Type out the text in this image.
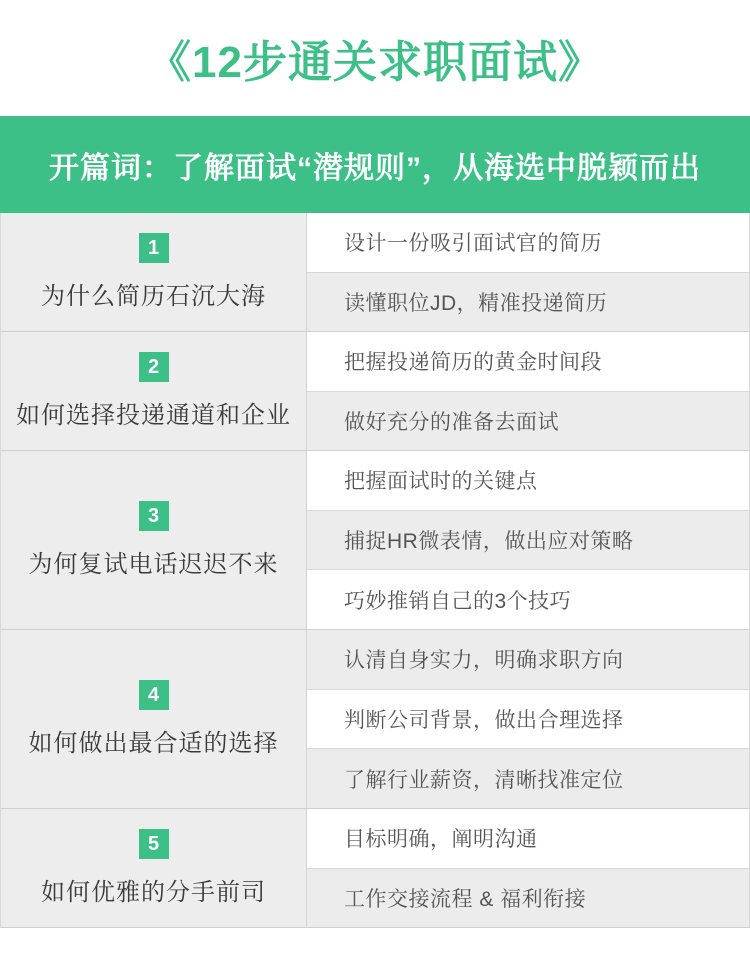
《12步通关求职面试》
开篇词：了解面试“潜规则”，从海选中脱颖而出
1
为什么简历石沉大海
设计一份吸引面试官的简历
读懂职位JD，精准投递简历
2
如何选择投递通道和企业
把握投递简历的黄金时间段
做好充分的准备去面试
3
为何复试电话迟迟不来
把握面试时的关键点
捕捉HR微表情，做出应对策略
巧妙推销自己的3个技巧
4
如何做出最合适的选择
认清自身实力，明确求职方向
判断公司背景，做出合理选择
了解行业薪资，清晰找准定位
5
如何优雅的分手前司
目标明确，阐明沟通
工作交接流程 & 福利衔接
